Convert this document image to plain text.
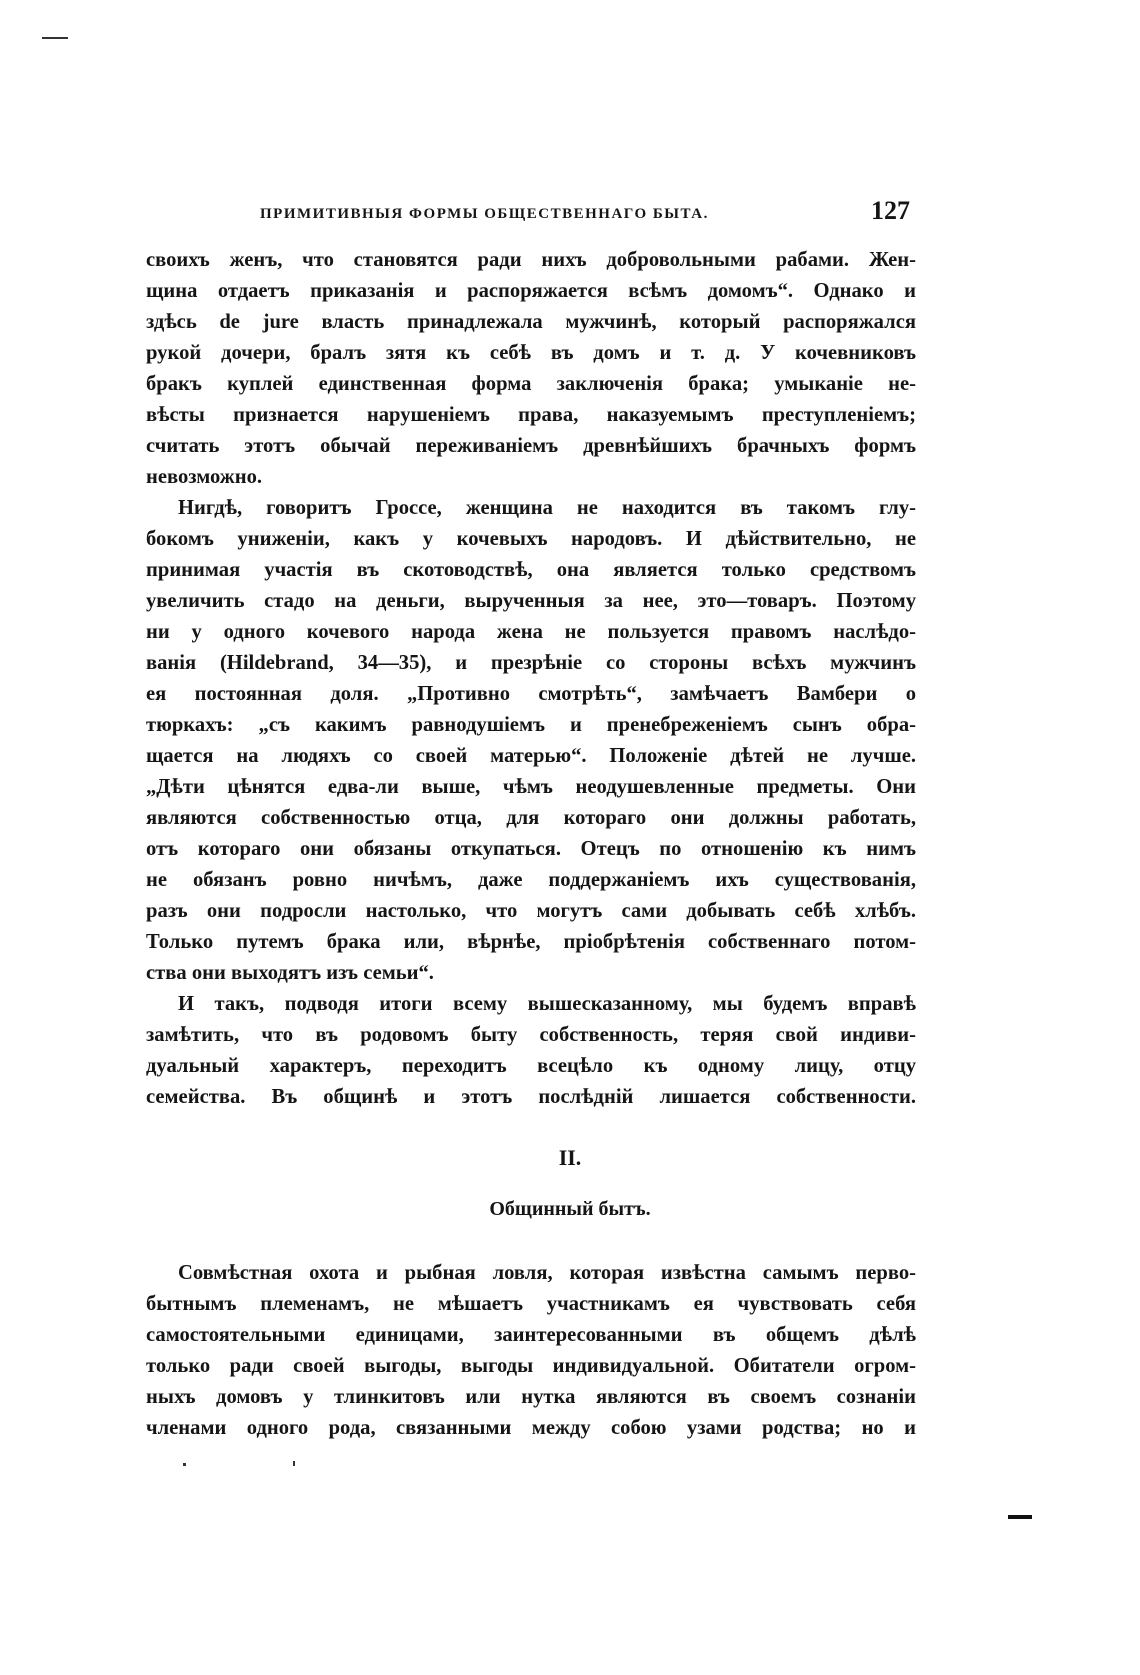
ПРИМИТИВНЫЯ ФОРМЫ ОБЩЕСТВЕННАГО БЫТА.	127

своихъ женъ, что становятся ради нихъ добровольными рабами. Жен-
щина отдаетъ приказанія и распоряжается всѣмъ домомъ“. Однако и
здѣсь de jure власть принадлежала мужчинѣ, который распоряжался
рукой дочери, бралъ зятя къ себѣ въ домъ и т. д. У кочевниковъ
бракъ куплей единственная форма заключенія брака; умыканіе не-
вѣсты признается нарушеніемъ права, наказуемымъ преступленіемъ;
считать этотъ обычай переживаніемъ древнѣйшихъ брачныхъ формъ
невозможно.

Нигдѣ, говоритъ Гроссе, женщина не находится въ такомъ глу-
бокомъ униженіи, какъ у кочевыхъ народовъ. И дѣйствительно, не
принимая участія въ скотоводствѣ, она является только средствомъ
увеличить стадо на деньги, вырученныя за нее, это—товаръ. Поэтому
ни у одного кочевого народа жена не пользуется правомъ наслѣдо-
ванія (Hildebrand, 34—35), и презрѣніе со стороны всѣхъ мужчинъ
ея постоянная доля. „Противно смотрѣть“, замѣчаетъ Вамбери о
тюркахъ: „съ какимъ равнодушіемъ и пренебреженіемъ сынъ обра-
щается на людяхъ со своей матерью“. Положеніе дѣтей не лучше.
„Дѣти цѣнятся едва-ли выше, чѣмъ неодушевленные предметы. Они
являются собственностью отца, для котораго они должны работать,
отъ котораго они обязаны откупаться. Отецъ по отношенію къ нимъ
не обязанъ ровно ничѣмъ, даже поддержаніемъ ихъ существованія,
разъ они подросли настолько, что могутъ сами добывать себѣ хлѣбъ.
Только путемъ брака или, вѣрнѣе, пріобрѣтенія собственнаго потом-
ства они выходятъ изъ семьи“.

И такъ, подводя итоги всему вышесказанному, мы будемъ вправѣ
замѣтить, что въ родовомъ быту собственность, теряя свой индиви-
дуальный характеръ, переходитъ всецѣло къ одному лицу, отцу
семейства. Въ общинѣ и этотъ послѣдній лишается собственности.

II.
Общинный бытъ.

Совмѣстная охота и рыбная ловля, которая извѣстна самымъ перво-
бытнымъ племенамъ, не мѣшаетъ участникамъ ея чувствовать себя
самостоятельными единицами, заинтересованными въ общемъ дѣлѣ
только ради своей выгоды, выгоды индивидуальной. Обитатели огром-
ныхъ домовъ у тлинкитовъ или нутка являются въ своемъ сознаніи
членами одного рода, связанными между собою узами родства; но и
